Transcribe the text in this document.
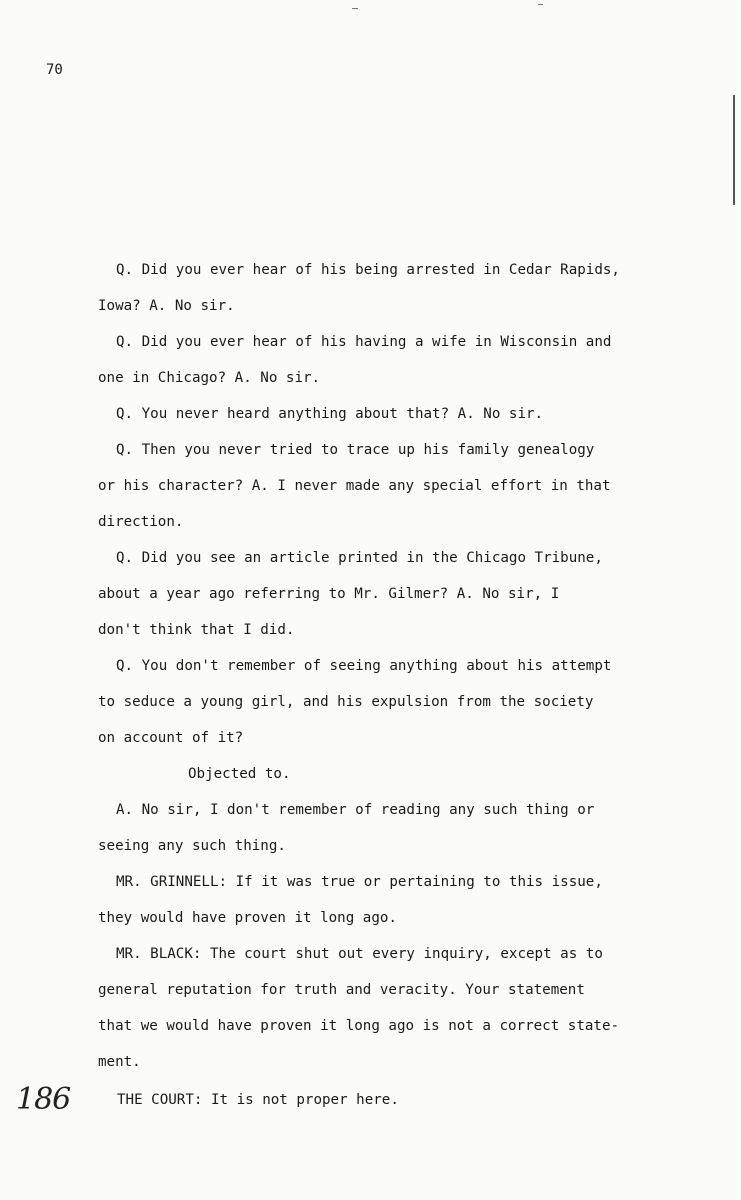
70
Q. Did you ever hear of his being arrested in Cedar Rapids,
Iowa? A. No sir.
Q. Did you ever hear of his having a wife in Wisconsin and
one in Chicago? A. No sir.
Q. You never heard anything about that? A. No sir.
Q. Then you never tried to trace up his family genealogy
or his character? A. I never made any special effort in that
direction.
Q. Did you see an article printed in the Chicago Tribune,
about a year ago referring to Mr. Gilmer? A. No sir, I
don't think that I did.
Q. You don't remember of seeing anything about his attempt
to seduce a young girl, and his expulsion from the society
on account of it?
Objected to.
A. No sir, I don't remember of reading any such thing or
seeing any such thing.
MR. GRINNELL: If it was true or pertaining to this issue,
they would have proven it long ago.
MR. BLACK: The court shut out every inquiry, except as to
general reputation for truth and veracity. Your statement
that we would have proven it long ago is not a correct state-
ment.
186	THE COURT: It is not proper here.
